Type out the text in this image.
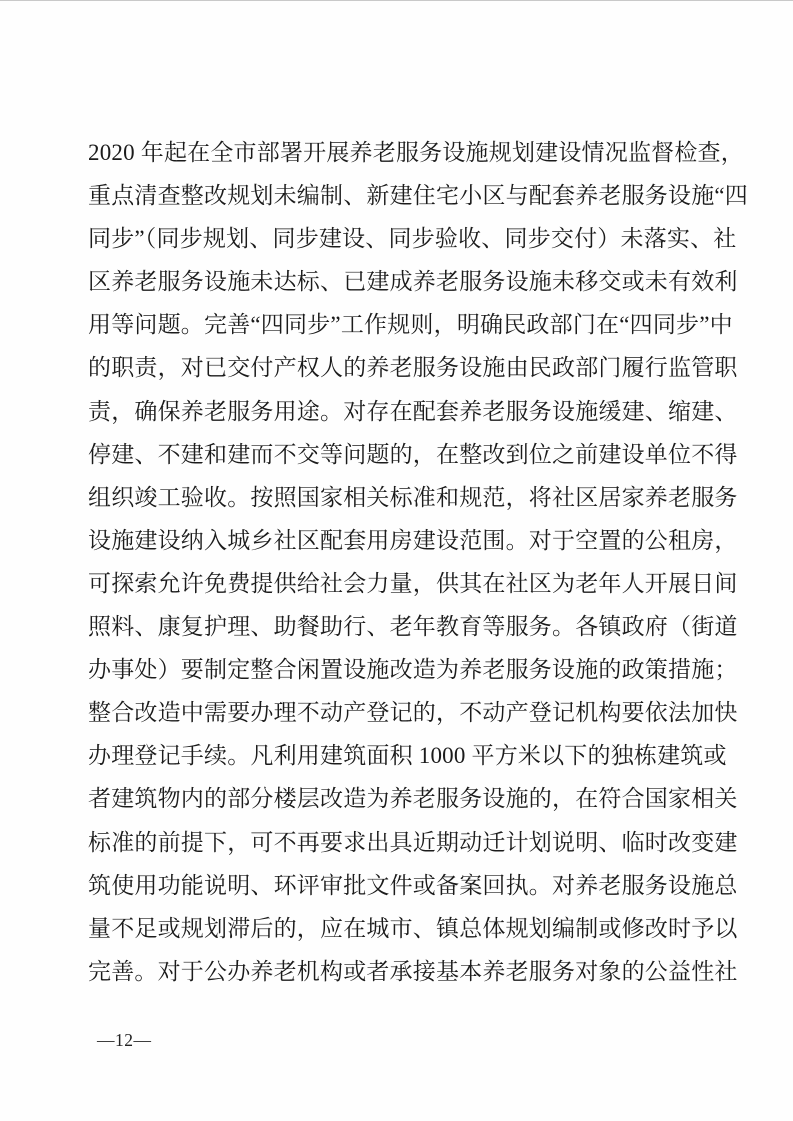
2020 年起在全市部署开展养老服务设施规划建设情况监督检查，
重点清查整改规划未编制、新建住宅小区与配套养老服务设施“四
同步”（同步规划、同步建设、同步验收、同步交付）未落实、社
区养老服务设施未达标、已建成养老服务设施未移交或未有效利
用等问题。完善“四同步”工作规则，明确民政部门在“四同步”中
的职责，对已交付产权人的养老服务设施由民政部门履行监管职
责，确保养老服务用途。对存在配套养老服务设施缓建、缩建、
停建、不建和建而不交等问题的，在整改到位之前建设单位不得
组织竣工验收。按照国家相关标准和规范，将社区居家养老服务
设施建设纳入城乡社区配套用房建设范围。对于空置的公租房，
可探索允许免费提供给社会力量，供其在社区为老年人开展日间
照料、康复护理、助餐助行、老年教育等服务。各镇政府（街道
办事处）要制定整合闲置设施改造为养老服务设施的政策措施；
整合改造中需要办理不动产登记的，不动产登记机构要依法加快
办理登记手续。凡利用建筑面积 1000 平方米以下的独栋建筑或
者建筑物内的部分楼层改造为养老服务设施的，在符合国家相关
标准的前提下，可不再要求出具近期动迁计划说明、临时改变建
筑使用功能说明、环评审批文件或备案回执。对养老服务设施总
量不足或规划滞后的，应在城市、镇总体规划编制或修改时予以
完善。对于公办养老机构或者承接基本养老服务对象的公益性社
—12—
